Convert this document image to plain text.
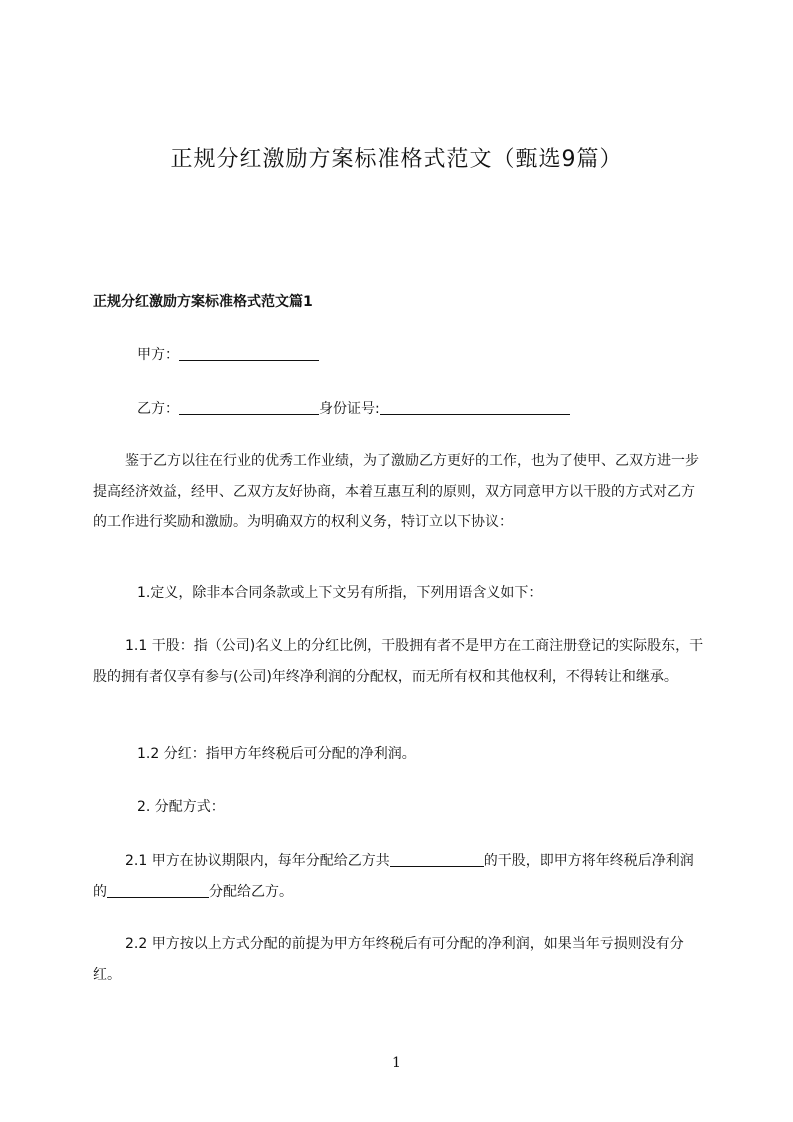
正规分红激励方案标准格式范文（甄选9篇）

正规分红激励方案标准格式范文篇1

甲方：

乙方：	身份证号:

鉴于乙方以往在行业的优秀工作业绩，为了激励乙方更好的工作，也为了使甲、乙双方进一步提高经济效益，经甲、乙双方友好协商，本着互惠互利的原则，双方同意甲方以干股的方式对乙方的工作进行奖励和激励。为明确双方的权利义务，特订立以下协议：

1.定义，除非本合同条款或上下文另有所指，下列用语含义如下：

1.1 干股：指（公司)名义上的分红比例，干股拥有者不是甲方在工商注册登记的实际股东，干股的拥有者仅享有参与(公司)年终净利润的分配权，而无所有权和其他权利，不得转让和继承。

1.2 分红：指甲方年终税后可分配的净利润。

2. 分配方式：

2.1 甲方在协议期限内，每年分配给乙方共	的干股，即甲方将年终税后净利润的	分配给乙方。

2.2 甲方按以上方式分配的前提为甲方年终税后有可分配的净利润，如果当年亏损则没有分红。

1
